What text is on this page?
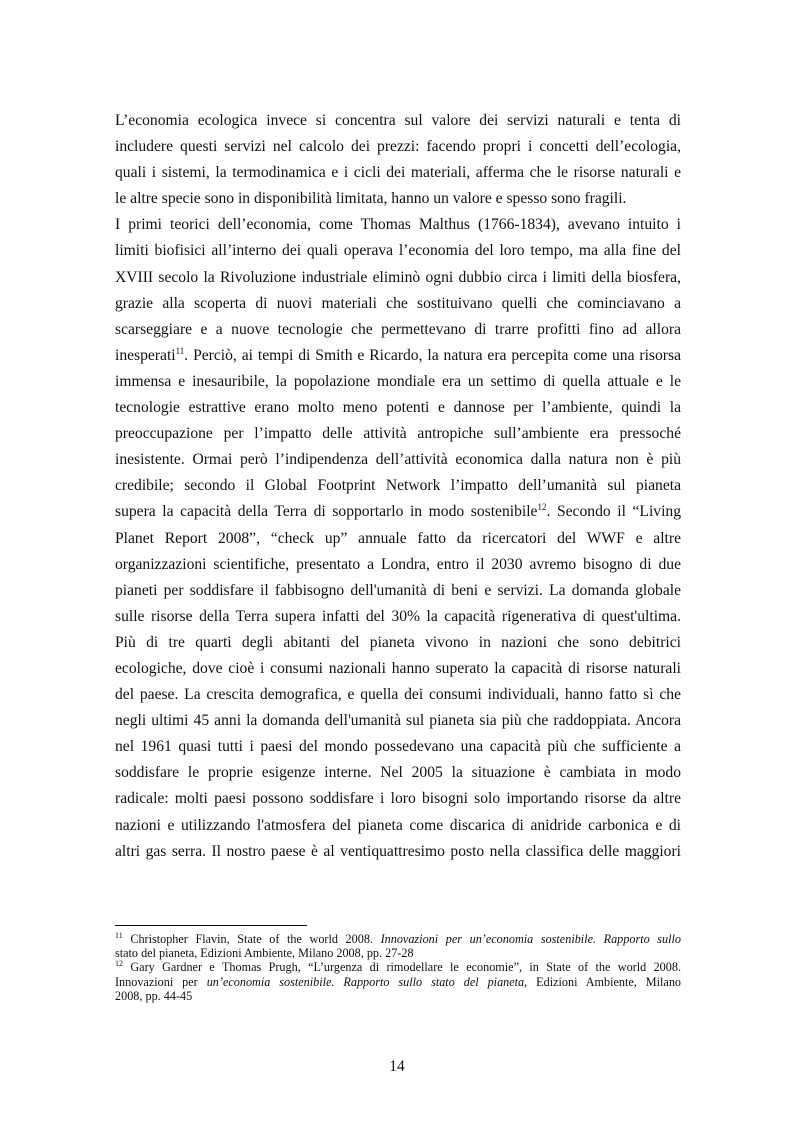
L’economia ecologica invece si concentra sul valore dei servizi naturali e tenta di
includere questi servizi nel calcolo dei prezzi: facendo propri i concetti dell’ecologia,
quali i sistemi, la termodinamica e i cicli dei materiali, afferma che le risorse naturali e
le altre specie sono in disponibilità limitata, hanno un valore e spesso sono fragili.
I primi teorici dell’economia, come Thomas Malthus (1766-1834), avevano intuito i
limiti biofisici all’interno dei quali operava l’economia del loro tempo, ma alla fine del
XVIII secolo la Rivoluzione industriale eliminò ogni dubbio circa i limiti della biosfera,
grazie alla scoperta di nuovi materiali che sostituivano quelli che cominciavano a
scarseggiare e a nuove tecnologie che permettevano di trarre profitti fino ad allora
inesperati$^{11}$. Perciò, ai tempi di Smith e Ricardo, la natura era percepita come una risorsa
immensa e inesauribile, la popolazione mondiale era un settimo di quella attuale e le
tecnologie estrattive erano molto meno potenti e dannose per l’ambiente, quindi la
preoccupazione per l’impatto delle attività antropiche sull’ambiente era pressoché
inesistente. Ormai però l’indipendenza dell’attività economica dalla natura non è più
credibile; secondo il Global Footprint Network l’impatto dell’umanità sul pianeta
supera la capacità della Terra di sopportarlo in modo sostenibile$^{12}$. Secondo il “Living
Planet Report 2008”, “check up” annuale fatto da ricercatori del WWF e altre
organizzazioni scientifiche, presentato a Londra, entro il 2030 avremo bisogno di due
pianeti per soddisfare il fabbisogno dell'umanità di beni e servizi. La domanda globale
sulle risorse della Terra supera infatti del 30% la capacità rigenerativa di quest'ultima.
Più di tre quarti degli abitanti del pianeta vivono in nazioni che sono debitrici
ecologiche, dove cioè i consumi nazionali hanno superato la capacità di risorse naturali
del paese. La crescita demografica, e quella dei consumi individuali, hanno fatto sì che
negli ultimi 45 anni la domanda dell'umanità sul pianeta sia più che raddoppiata. Ancora
nel 1961 quasi tutti i paesi del mondo possedevano una capacità più che sufficiente a
soddisfare le proprie esigenze interne. Nel 2005 la situazione è cambiata in modo
radicale: molti paesi possono soddisfare i loro bisogni solo importando risorse da altre
nazioni e utilizzando l'atmosfera del pianeta come discarica di anidride carbonica e di
altri gas serra. Il nostro paese è al ventiquattresimo posto nella classifica delle maggiori
$^{11}$ Christopher Flavin, State of the world 2008. Innovazioni per un’economia sostenibile. Rapporto sullo
stato del pianeta, Edizioni Ambiente, Milano 2008, pp. 27-28
$^{12}$ Gary Gardner e Thomas Prugh, “L’urgenza di rimodellare le economie”, in State of the world 2008.
Innovazioni per un’economia sostenibile. Rapporto sullo stato del pianeta, Edizioni Ambiente, Milano
2008, pp. 44-45
14
